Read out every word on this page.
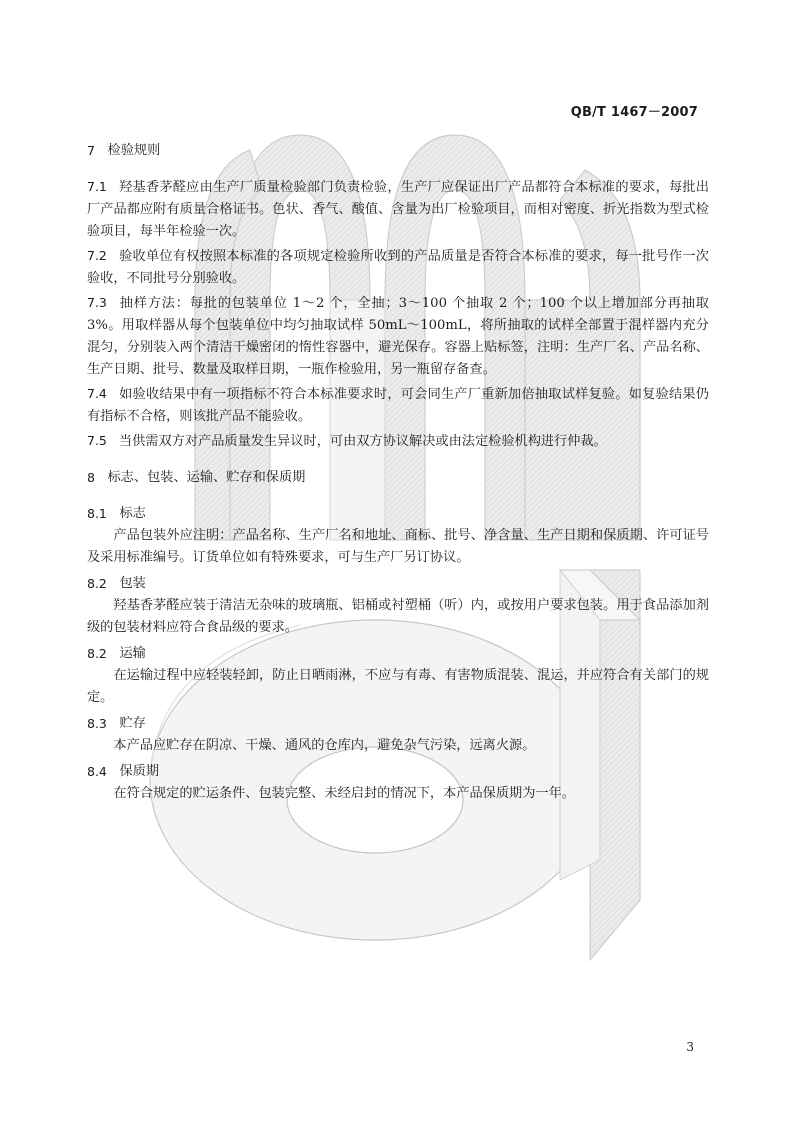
QB/T 1467－2007
7
检验规则

7.1 羟基香茅醛应由生产厂质量检验部门负责检验，生产厂应保证出厂产品都符合本标准的要求，每批出厂产品都应附有质量合格证书。色状、香气、酸值、含量为出厂检验项目，而相对密度、折光指数为型式检验项目，每半年检验一次。

7.2 验收单位有权按照本标准的各项规定检验所收到的产品质量是否符合本标准的要求，每一批号作一次验收，不同批号分别验收。

7.3 抽样方法：每批的包装单位 1～2 个，全抽；3～100 个抽取 2 个；100 个以上增加部分再抽取 3%。用取样器从每个包装单位中均匀抽取试样 50mL～100mL，将所抽取的试样全部置于混样器内充分混匀，分别装入两个清洁干燥密闭的惰性容器中，避光保存。容器上贴标签，注明：生产厂名、产品名称、生产日期、批号、数量及取样日期，一瓶作检验用，另一瓶留存备查。

7.4 如验收结果中有一项指标不符合本标准要求时，可会同生产厂重新加倍抽取试样复验。如复验结果仍有指标不合格，则该批产品不能验收。

7.5 当供需双方对产品质量发生异议时，可由双方协议解决或由法定检验机构进行仲裁。

8
标志、包装、运输、贮存和保质期
8.1
标志

产品包装外应注明：产品名称、生产厂名和地址、商标、批号、净含量、生产日期和保质期、许可证号及采用标准编号。订货单位如有特殊要求，可与生产厂另订协议。

8.2
包装

羟基香茅醛应装于清洁无杂味的玻璃瓶、铝桶或衬塑桶（听）内，或按用户要求包装。用于食品添加剂级的包装材料应符合食品级的要求。

8.2
运输

在运输过程中应轻装轻卸，防止日晒雨淋，不应与有毒、有害物质混装、混运，并应符合有关部门的规定。

8.3
贮存

本产品应贮存在阴凉、干燥、通风的仓库内，避免杂气污染，远离火源。

8.4
保质期

在符合规定的贮运条件、包装完整、未经启封的情况下，本产品保质期为一年。

3
